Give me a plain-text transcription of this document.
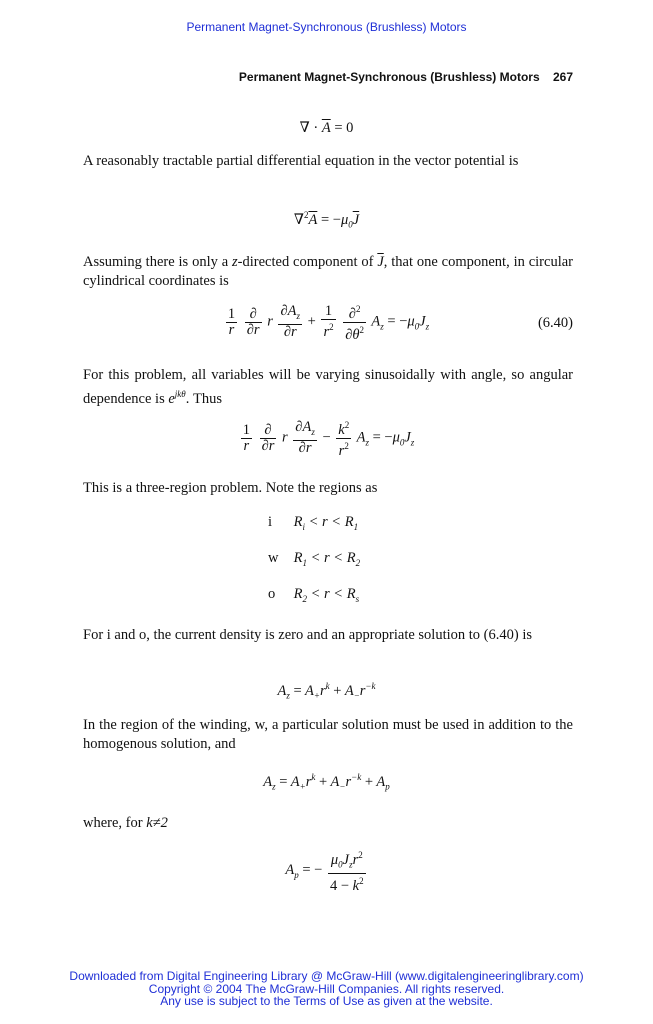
Permanent Magnet-Synchronous (Brushless) Motors
Permanent Magnet-Synchronous (Brushless) Motors 267
∇ · $\overline{A} = 0$
A reasonably tractable partial differential equation in the vector potential is
$\nabla^2\overline{A} = -\mu_0\overline{J}$
Assuming there is only a z-directed component of $\overline{J}$, that one component, in circular cylindrical coordinates is
$\frac{1}{r}$
$\frac{\partial}{\partial r}$ r $\frac{\partial A_z}{\partial r} + \frac{1}{r^2}$
$\frac{\partial^2}{\partial\theta^2} A_z = -\mu_0J_z$	(6.40)
For this problem, all variables will be varying sinusoidally with angle, so angular dependence is $e^{jk\theta}$. Thus
$\frac{1}{r}$
$\frac{\partial}{\partial r}$ r $\frac{\partial A_z}{\partial r} - \frac{k^2}{r^2} A_z = -\mu_0J_z$
This is a three-region problem. Note the regions as
i $R_i < r < R_1$
w $R_1 < r < R_2$
o $R_2 < r < R_s$
For i and o, the current density is zero and an appropriate solution to (6.40) is
$A_z = A_+r^k + A_-r^{-k}$
In the region of the winding, w, a particular solution must be used in addition to the homogenous solution, and
$A_z = A_+r^k + A_-r^{-k} + A_p$
where, for k≠2
$A_p$ = − $\frac{\mu_0J_zr^2}{4 - k^2}$
Downloaded from Digital Engineering Library @ McGraw-Hill (www.digitalengineeringlibrary.com)
Copyright © 2004 The McGraw-Hill Companies. All rights reserved.
Any use is subject to the Terms of Use as given at the website.
